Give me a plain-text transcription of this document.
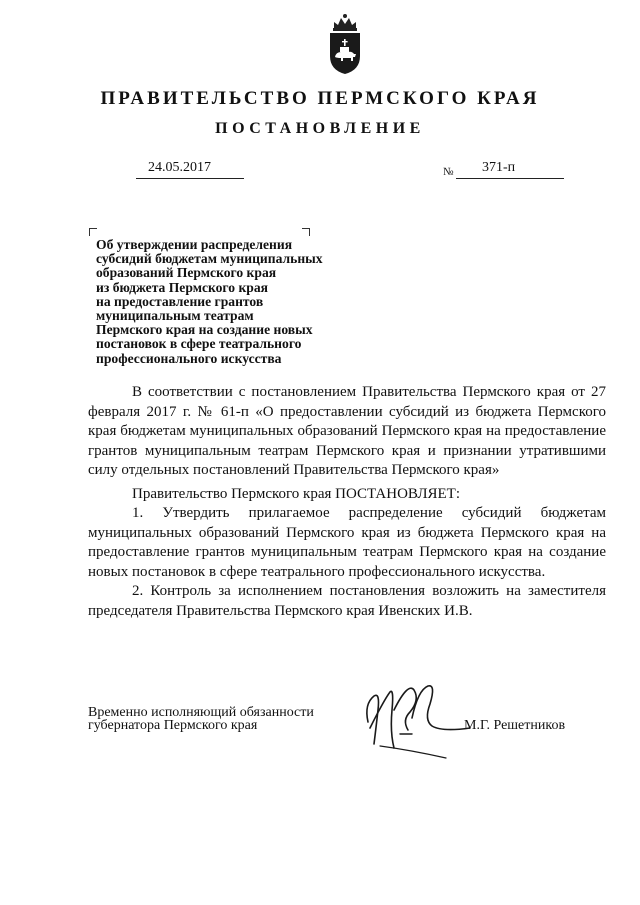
ПРАВИТЕЛЬСТВО ПЕРМСКОГО КРАЯ
ПОСТАНОВЛЕНИЕ
24.05.2017	№ 371-п
Об утверждении распределения
субсидий бюджетам муниципальных
образований Пермского края
из бюджета Пермского края
на предоставление грантов
муниципальным театрам
Пермского края на создание новых
постановок в сфере театрального
профессионального искусства

В соответствии с постановлением Правительства Пермского края от 27 февраля 2017 г. № 61-п «О предоставлении субсидий из бюджета Пермского края бюджетам муниципальных образований Пермского края на предоставление грантов муниципальным театрам Пермского края и признании утратившими силу отдельных постановлений Правительства Пермского края»

Правительство Пермского края ПОСТАНОВЛЯЕТ:

1. Утвердить прилагаемое распределение субсидий бюджетам муниципальных образований Пермского края из бюджета Пермского края на предоставление грантов муниципальным театрам Пермского края на создание новых постановок в сфере театрального профессионального искусства.

2. Контроль за исполнением постановления возложить на заместителя

председателя Правительства Пермского края Ивенских И.В.

Временно исполняющий обязанности
губернатора Пермского края	М.Г. Решетников
